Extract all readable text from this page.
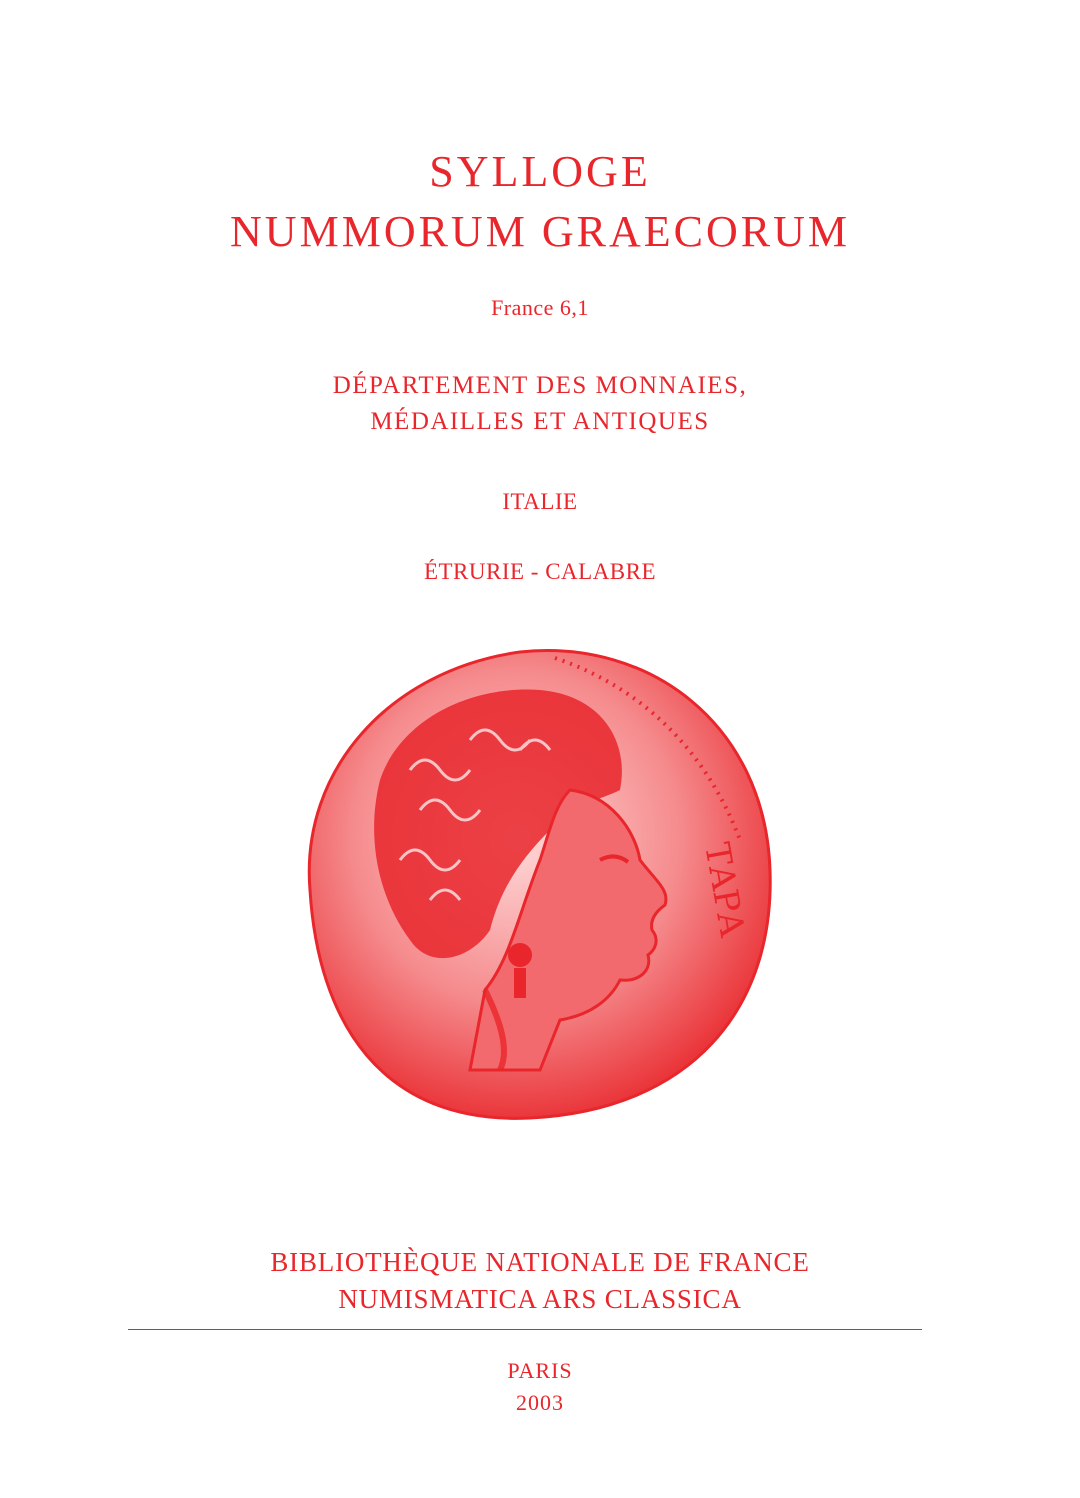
SYLLOGE
NUMMORUM GRAECORUM
France 6,1
DÉPARTEMENT DES MONNAIES,
MÉDAILLES ET ANTIQUES
ITALIE
ÉTRURIE - CALABRE
ΤΑΡΑ
BIBLIOTHÈQUE NATIONALE DE FRANCE
NUMISMATICA ARS CLASSICA
PARIS
2003
